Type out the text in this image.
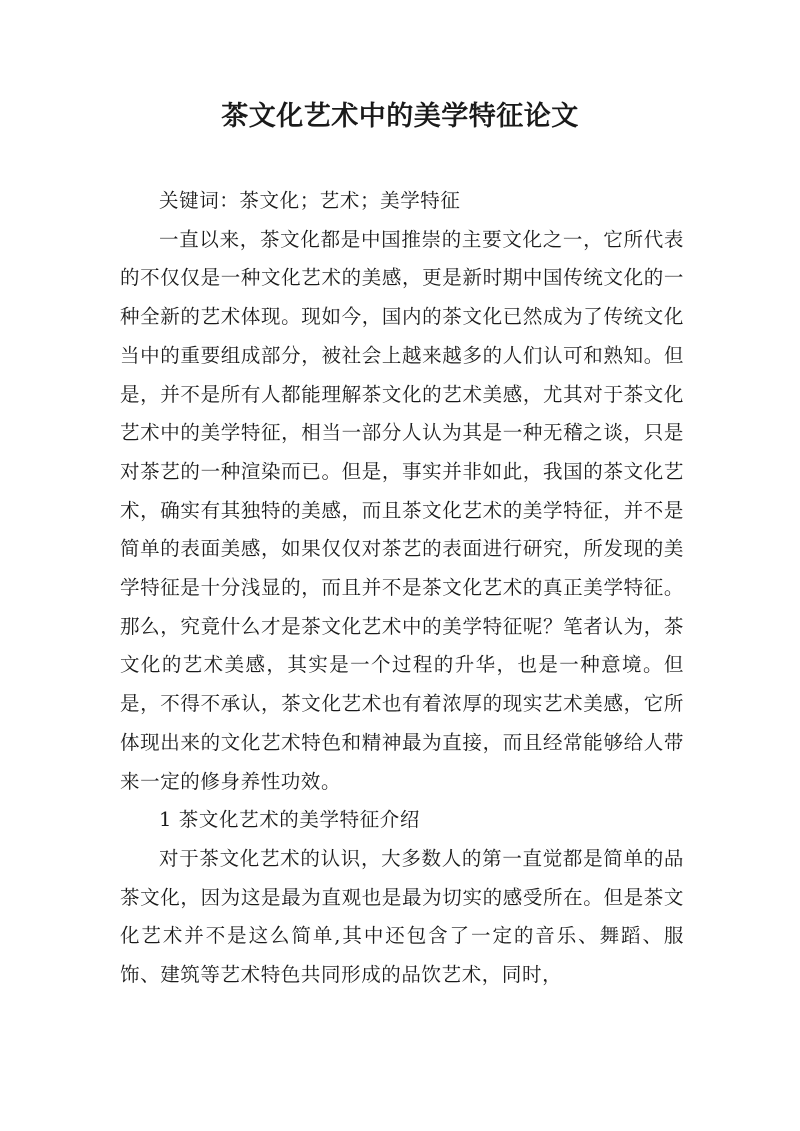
茶文化艺术中的美学特征论文

关键词：茶文化；艺术；美学特征

一直以来，茶文化都是中国推崇的主要文化之一，它所代表的不仅仅是一种文化艺术的美感，更是新时期中国传统文化的一种全新的艺术体现。现如今，国内的茶文化已然成为了传统文化当中的重要组成部分，被社会上越来越多的人们认可和熟知。但是，并不是所有人都能理解茶文化的艺术美感，尤其对于茶文化艺术中的美学特征，相当一部分人认为其是一种无稽之谈，只是对茶艺的一种渲染而已。但是，事实并非如此，我国的茶文化艺术，确实有其独特的美感，而且茶文化艺术的美学特征，并不是简单的表面美感，如果仅仅对茶艺的表面进行研究，所发现的美学特征是十分浅显的，而且并不是茶文化艺术的真正美学特征。那么，究竟什么才是茶文化艺术中的美学特征呢？笔者认为，茶文化的艺术美感，其实是一个过程的升华，也是一种意境。但是，不得不承认，茶文化艺术也有着浓厚的现实艺术美感，它所体现出来的文化艺术特色和精神最为直接，而且经常能够给人带来一定的修身养性功效。

1 茶文化艺术的美学特征介绍

对于茶文化艺术的认识，大多数人的第一直觉都是简单的品茶文化，因为这是最为直观也是最为切实的感受所在。但是茶文化艺术并不是这么简单,其中还包含了一定的音乐、舞蹈、服饰、建筑等艺术特色共同形成的品饮艺术，同时，
